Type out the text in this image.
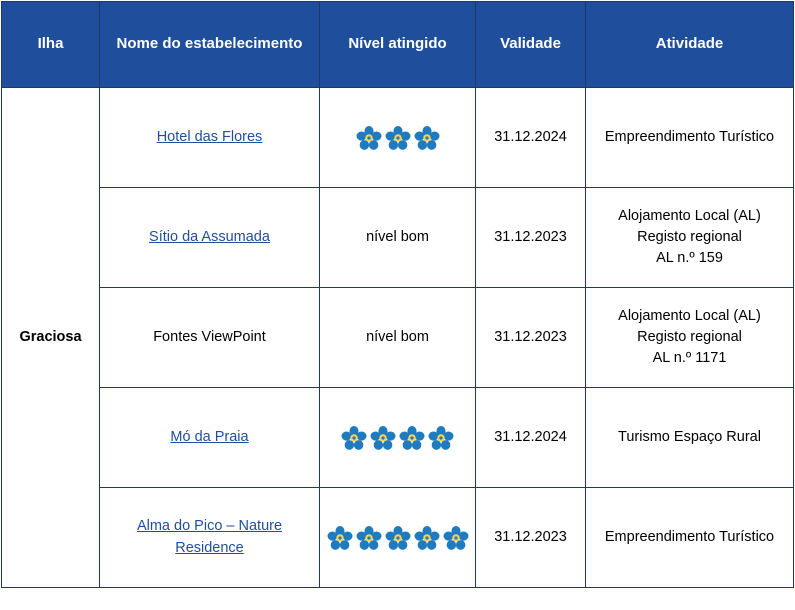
Ilha	Nome do estabelecimento	Nível atingido	Validade	Atividade
Graciosa	Hotel das Flores		31.12.2024	Empreendimento Turístico

	Sítio da Assumada	nível bom	31.12.2023	Alojamento Local (AL)
Registo regional
AL n.º 159

	Fontes ViewPoint	nível bom	31.12.2023	Alojamento Local (AL)
Registo regional
AL n.º 1171

	Mó da Praia		31.12.2024	Turismo Espaço Rural

	Alma do Pico – Nature Residence		31.12.2023	Empreendimento Turístico
